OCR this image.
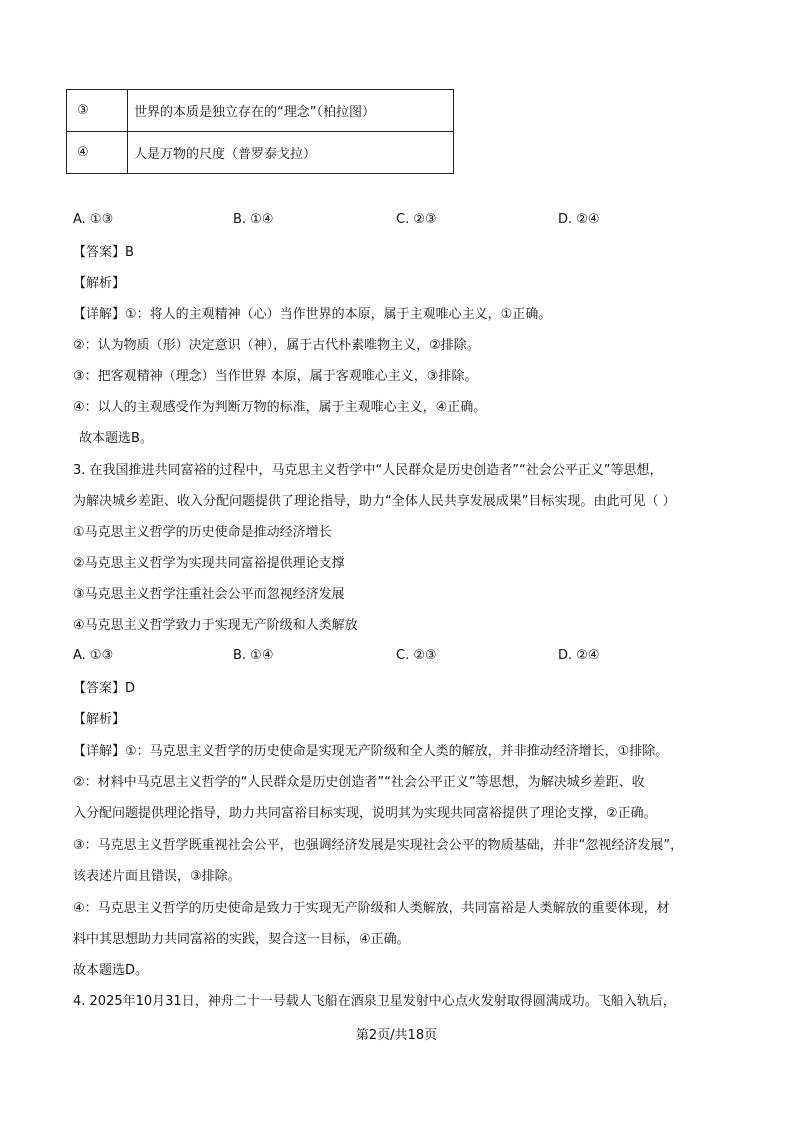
③	世界的本质是独立存在的“理念”（柏拉图）
④	人是万物的尺度（普罗泰戈拉）
A. ①③	B. ①④	C. ②③	D. ②④
【答案】B
【解析】
【详解】①：将人的主观精神（心）当作世界的本原，属于主观唯心主义，①正确。
②：认为物质（形）决定意识（神），属于古代朴素唯物主义，②排除。
③：把客观精神（理念）当作世界 本原，属于客观唯心主义，③排除。
④：以人的主观感受作为判断万物的标准，属于主观唯心主义，④正确。
故本题选B。
3. 在我国推进共同富裕的过程中，马克思主义哲学中“人民群众是历史创造者”“社会公平正义”等思想，
为解决城乡差距、收入分配问题提供了理论指导，助力“全体人民共享发展成果”目标实现。由此可见（ ）
①马克思主义哲学的历史使命是推动经济增长
②马克思主义哲学为实现共同富裕提供理论支撑
③马克思主义哲学注重社会公平而忽视经济发展
④马克思主义哲学致力于实现无产阶级和人类解放
A. ①③	B. ①④	C. ②③	D. ②④
【答案】D
【解析】
【详解】①：马克思主义哲学的历史使命是实现无产阶级和全人类的解放，并非推动经济增长，①排除。
②：材料中马克思主义哲学的“人民群众是历史创造者”“社会公平正义”等思想，为解决城乡差距、收
入分配问题提供理论指导，助力共同富裕目标实现，说明其为实现共同富裕提供了理论支撑，②正确。
③：马克思主义哲学既重视社会公平，也强调经济发展是实现社会公平的物质基础，并非“忽视经济发展”，
该表述片面且错误，③排除。
④：马克思主义哲学的历史使命是致力于实现无产阶级和人类解放，共同富裕是人类解放的重要体现，材
料中其思想助力共同富裕的实践，契合这一目标，④正确。
故本题选D。
4. 2025年10月31日，神舟二十一号载人飞船在酒泉卫星发射中心点火发射取得圆满成功。飞船入轨后，
第2页/共18页
